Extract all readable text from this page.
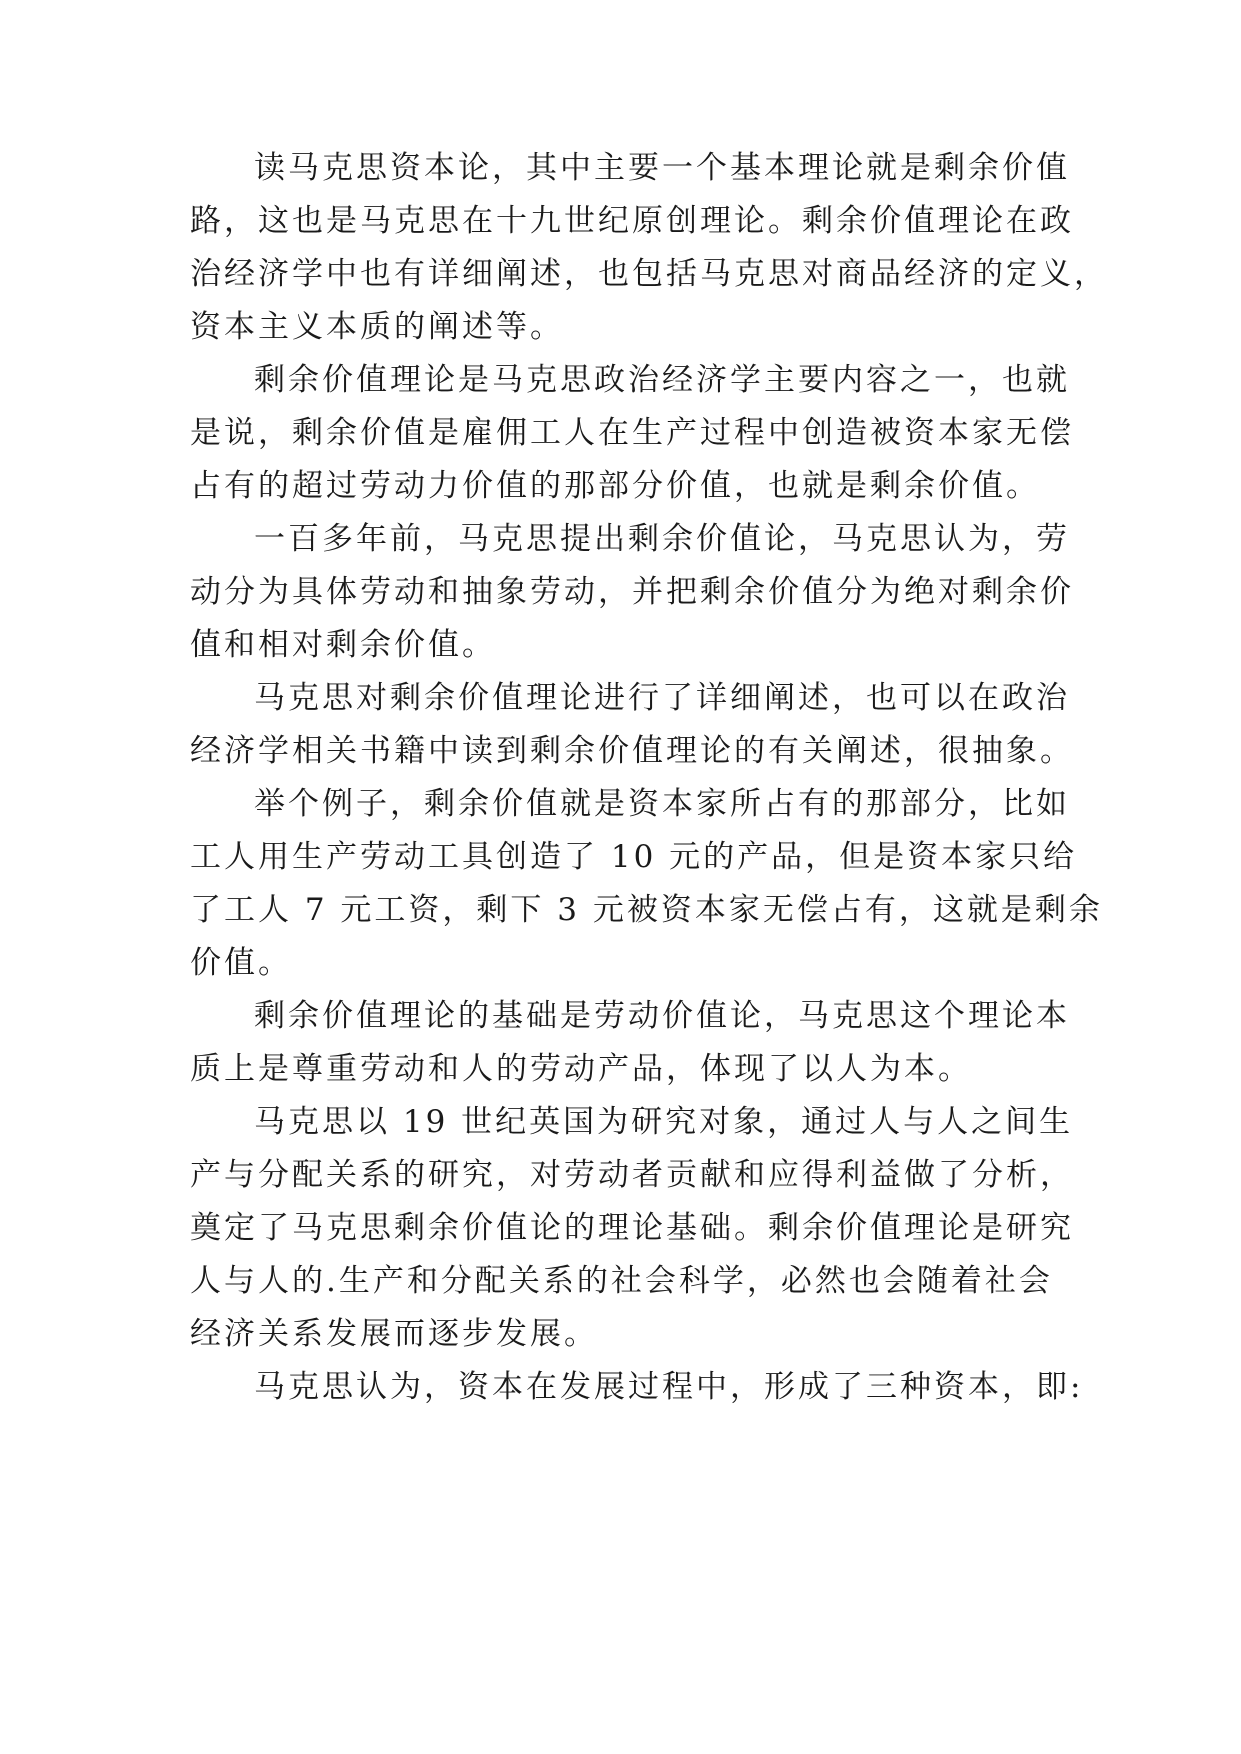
读马克思资本论，其中主要一个基本理论就是剩余价值
路，这也是马克思在十九世纪原创理论。剩余价值理论在政
治经济学中也有详细阐述，也包括马克思对商品经济的定义，
资本主义本质的阐述等。
剩余价值理论是马克思政治经济学主要内容之一，也就
是说，剩余价值是雇佣工人在生产过程中创造被资本家无偿
占有的超过劳动力价值的那部分价值，也就是剩余价值。
一百多年前，马克思提出剩余价值论，马克思认为，劳
动分为具体劳动和抽象劳动，并把剩余价值分为绝对剩余价
值和相对剩余价值。
马克思对剩余价值理论进行了详细阐述，也可以在政治
经济学相关书籍中读到剩余价值理论的有关阐述，很抽象。
举个例子，剩余价值就是资本家所占有的那部分，比如
工人用生产劳动工具创造了 10 元的产品，但是资本家只给
了工人 7 元工资，剩下 3 元被资本家无偿占有，这就是剩余
价值。
剩余价值理论的基础是劳动价值论，马克思这个理论本
质上是尊重劳动和人的劳动产品，体现了以人为本。
马克思以 19 世纪英国为研究对象，通过人与人之间生
产与分配关系的研究，对劳动者贡献和应得利益做了分析，
奠定了马克思剩余价值论的理论基础。剩余价值理论是研究
人与人的.生产和分配关系的社会科学，必然也会随着社会
经济关系发展而逐步发展。
马克思认为，资本在发展过程中，形成了三种资本，即:
